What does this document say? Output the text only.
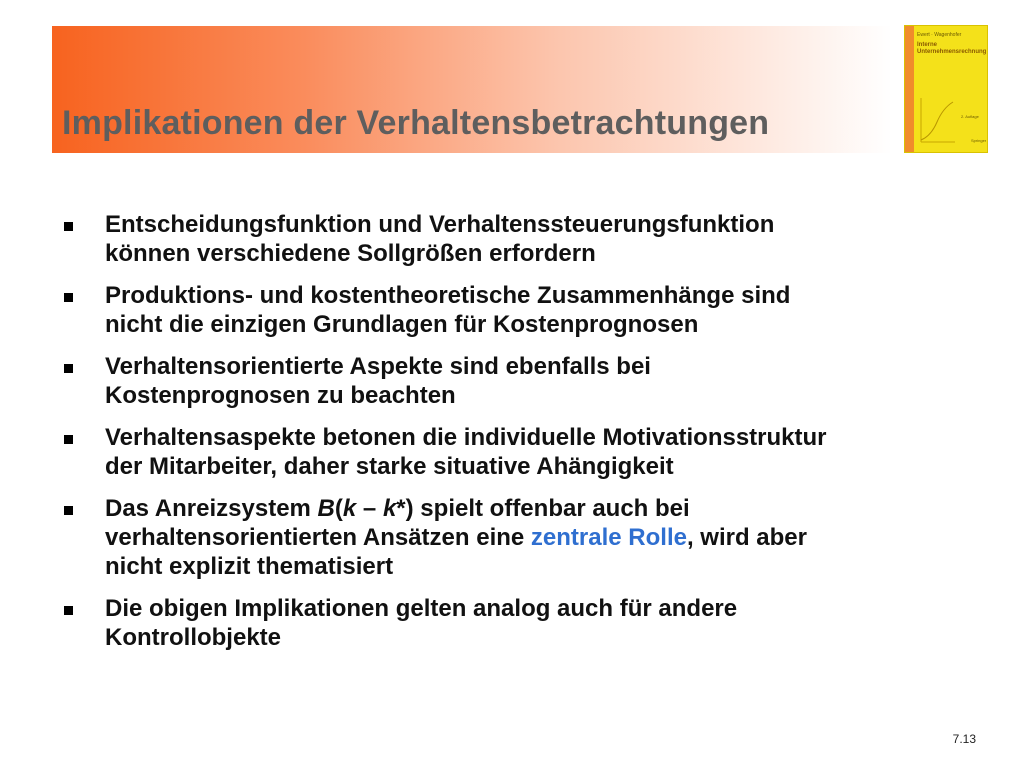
Implikationen der Verhaltensbetrachtungen
Ewert · Wagenhofer
Interne
Unternehmensrechnung
2. Auflage
Springer
Entscheidungsfunktion und Verhaltenssteuerungsfunktion
können verschiedene Sollgrößen erfordern
Produktions- und kostentheoretische Zusammenhänge sind
nicht die einzigen Grundlagen für Kostenprognosen
Verhaltensorientierte Aspekte sind ebenfalls bei
Kostenprognosen zu beachten
Verhaltensaspekte betonen die individuelle Motivationsstruktur
der Mitarbeiter, daher starke situative Ahängigkeit
Das Anreizsystem B(k – k*) spielt offenbar auch bei
verhaltensorientierten Ansätzen eine zentrale Rolle, wird aber
nicht explizit thematisiert
Die obigen Implikationen gelten analog auch für andere
Kontrollobjekte
7.13
